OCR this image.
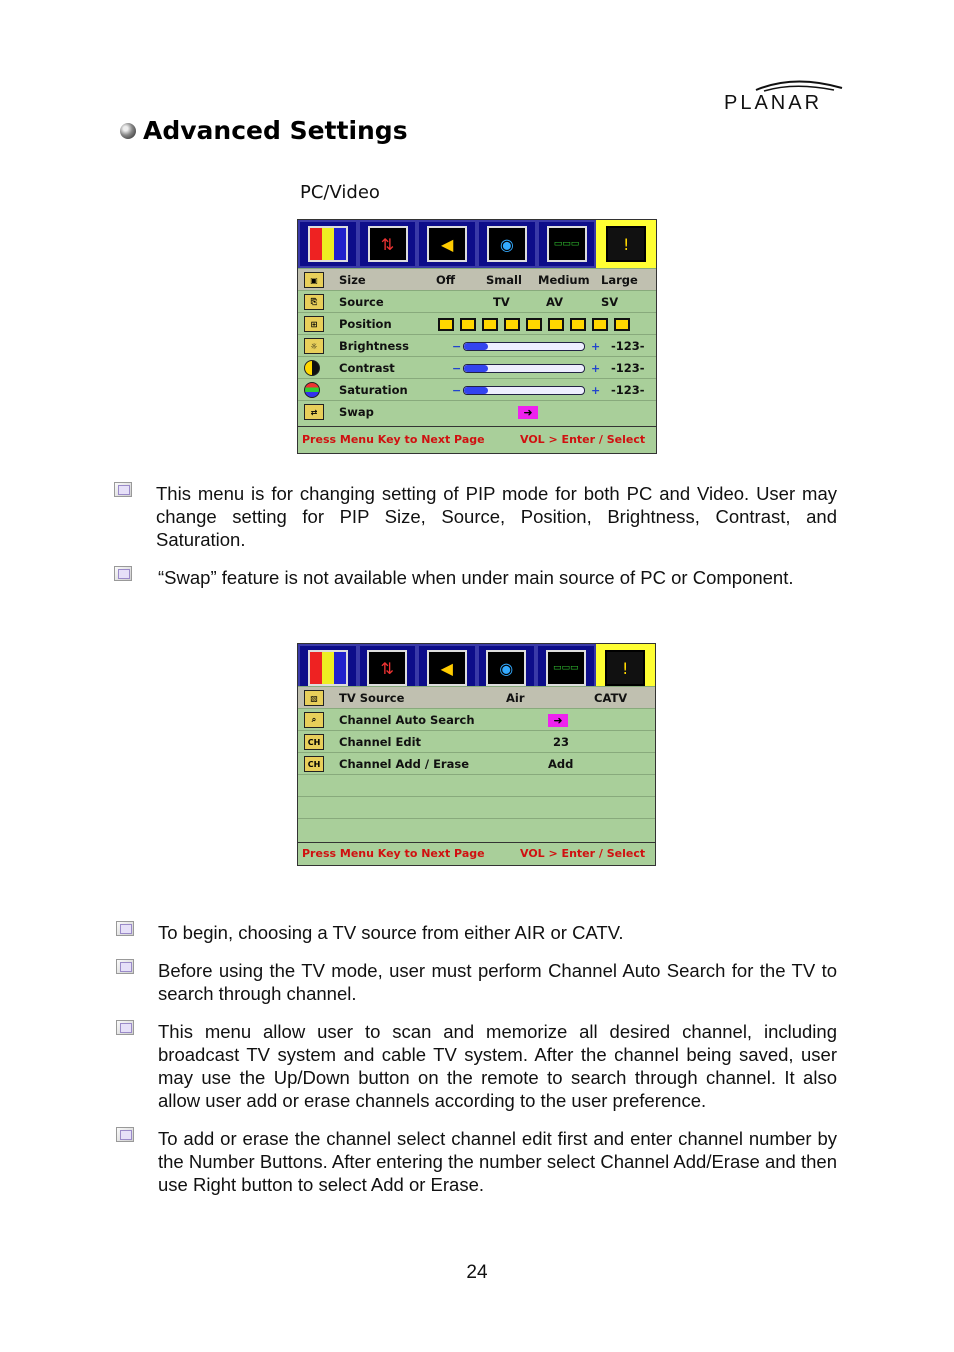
PLANAR
Advanced Settings
PC/Video
⇅	◀	◉	▭▭▭	!
▣	Size	Off	Small Medium Large
⎘	Source	TV	AV	SV
⊞	Position
☼	Brightness	−	+ -123-
Contrast	−	+ -123-
Saturation	−	+ -123-
⇄	Swap	➜
Press Menu Key to Next Page	VOL > Enter / Select
This menu is for changing setting of PIP mode for both PC and Video. User may change setting for PIP Size, Source, Position, Brightness, Contrast, and Saturation.
“Swap” feature is not available when under main source of PC or Component.
⇅	◀	◉	▭▭▭	!
▧	TV Source	Air	CATV
⌕	Channel Auto Search	➜
CH	Channel Edit	23
CH	Channel Add / Erase	Add
Press Menu Key to Next Page	VOL > Enter / Select
To begin, choosing a TV source from either AIR or CATV.
Before using the TV mode, user must perform Channel Auto Search for the TV to search through channel.
This menu allow user to scan and memorize all desired channel, including broadcast TV system and cable TV system. After the channel being saved, user may use the Up/Down button on the remote to search through channel. It also allow user add or erase channels according to the user preference.
To add or erase the channel select channel edit first and enter channel number by the Number Buttons. After entering the number select Channel Add/Erase and then use Right button to select Add or Erase.
24
